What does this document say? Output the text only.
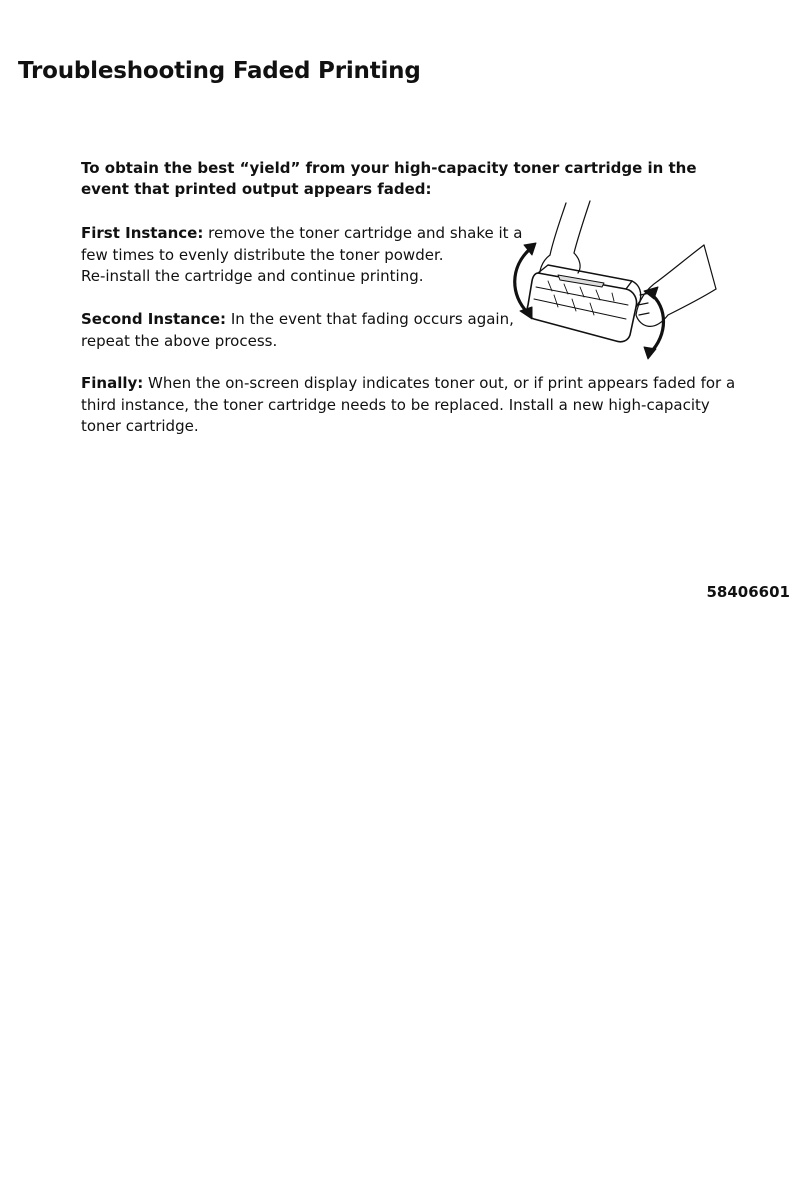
Troubleshooting Faded Printing

To obtain the best “yield” from your high-capacity toner cartridge in the event that printed output appears faded:

First Instance: remove the toner cartridge and shake it a
few times to evenly distribute the toner powder.
Re-install the cartridge and continue printing.

Second Instance: In the event that fading occurs again,
repeat the above process.

Finally: When the on-screen display indicates toner out, or if print appears faded for a
third instance, the toner cartridge needs to be replaced. Install a new high-capacity
toner cartridge.

58406601
